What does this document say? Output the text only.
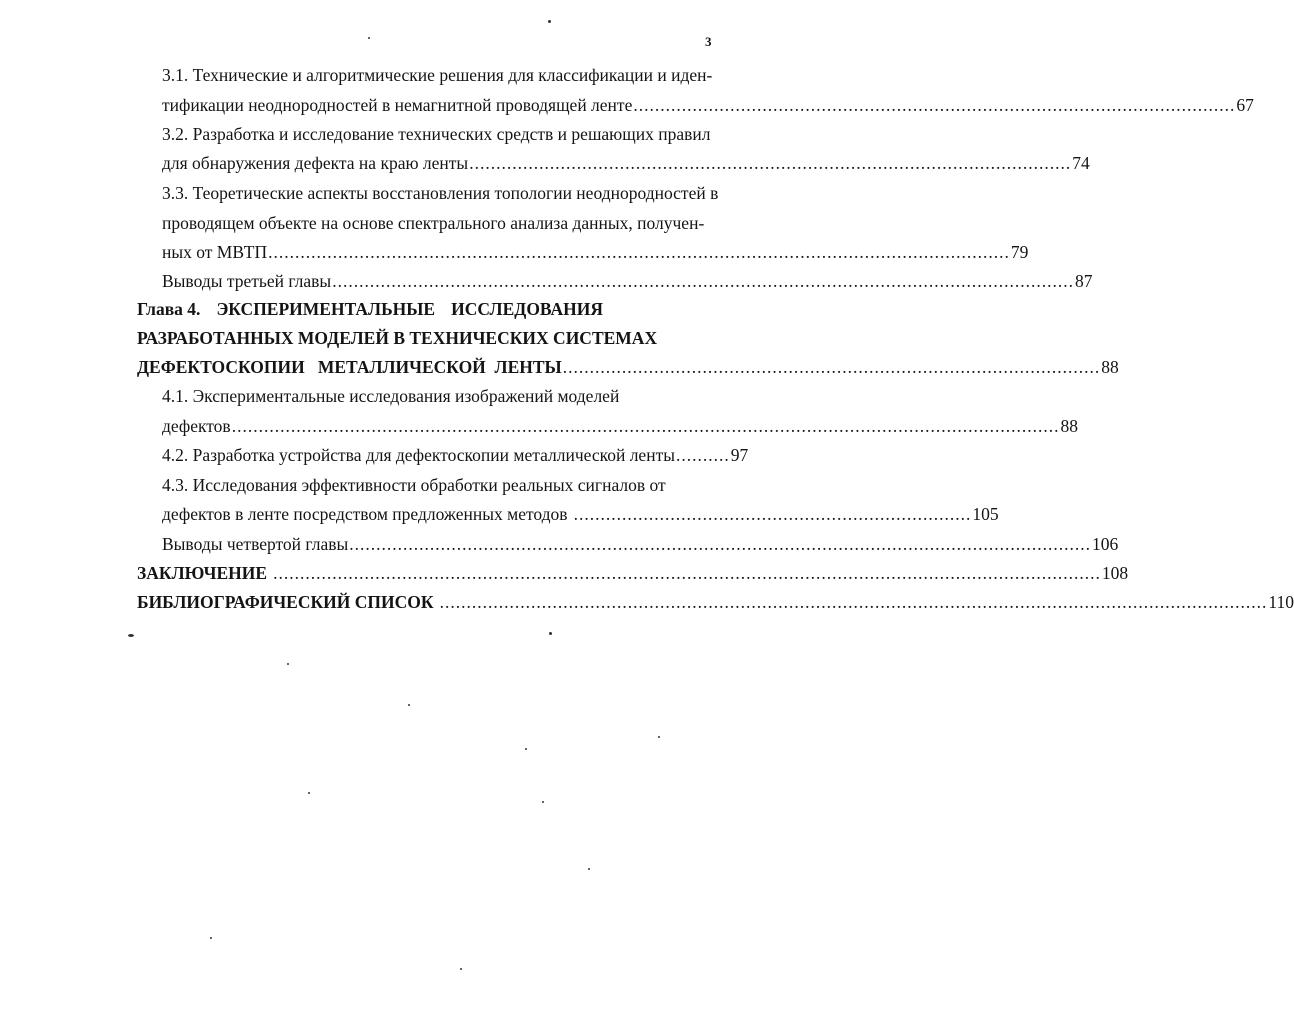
3
3.1. Технические и алгоритмические решения для классификации и иден-
тификации неоднородностей в немагнитной проводящей ленте ................................................................................................................ 67
3.2. Разработка и исследование технических средств и решающих правил
для обнаружения дефекта на краю ленты ................................................................................................................ 74
3.3. Теоретические аспекты восстановления топологии неоднородностей в
проводящем объекте на основе спектрального анализа данных, получен-
ных от МВТП .......................................................................................................................................... 79
Выводы третьей главы .......................................................................................................................................... 87
Глава 4. ЭКСПЕРИМЕНТАЛЬНЫЕ ИССЛЕДОВАНИЯ
РАЗРАБОТАННЫХ МОДЕЛЕЙ В ТЕХНИЧЕСКИХ СИСТЕМАХ
ДЕФЕКТОСКОПИИ   МЕТАЛЛИЧЕСКОЙ  ЛЕНТЫ .................................................................................................... 88
4.1. Экспериментальные исследования изображений моделей
дефектов .......................................................................................................................................................... 88
4.2. Разработка устройства для дефектоскопии металлической ленты .......... 97
4.3. Исследования эффективности обработки реальных сигналов от
дефектов в ленте посредством предложенных методов .......................................................................... 105
Выводы четвертой главы .......................................................................................................................................... 106
ЗАКЛЮЧЕНИЕ .......................................................................................................................................................... 108
БИБЛИОГРАФИЧЕСКИЙ СПИСОК .......................................................................................................................................................... 110
